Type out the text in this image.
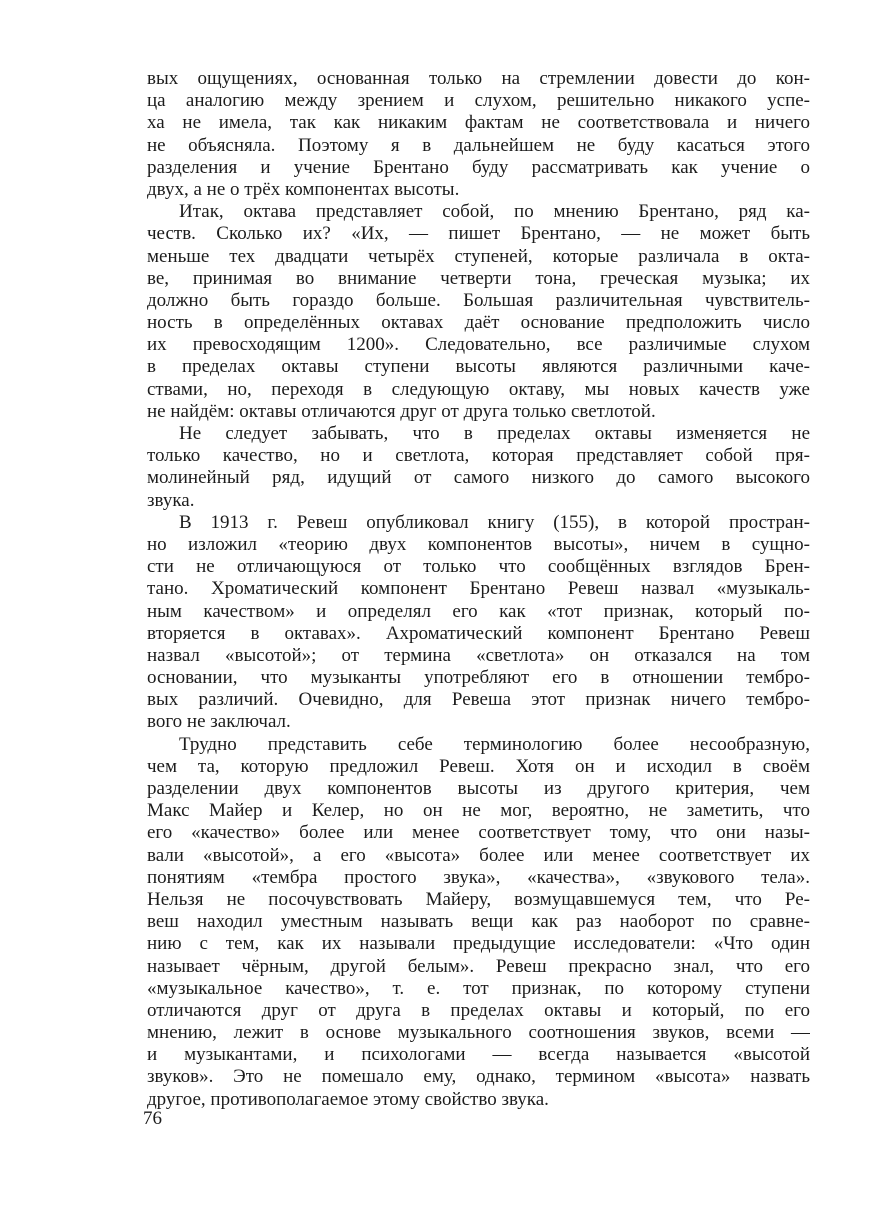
вых ощущениях, основанная только на стремлении довести до кон-
ца аналогию между зрением и слухом, решительно никакого успе-
ха не имела, так как никаким фактам не соответствовала и ничего
не объясняла. Поэтому я в дальнейшем не буду касаться этого
разделения и учение Брентано буду рассматривать как учение о
двух, а не о трёх компонентах высоты.
Итак, октава представляет собой, по мнению Брентано, ряд ка-
честв. Сколько их? «Их, — пишет Брентано, — не может быть
меньше тех двадцати четырёх ступеней, которые различала в окта-
ве, принимая во внимание четверти тона, греческая музыка; их
должно быть гораздо больше. Большая различительная чувствитель-
ность в определённых октавах даёт основание предположить число
их превосходящим 1200». Следовательно, все различимые слухом
в пределах октавы ступени высоты являются различными каче-
ствами, но, переходя в следующую октаву, мы новых качеств уже
не найдём: октавы отличаются друг от друга только светлотой.
Не следует забывать, что в пределах октавы изменяется не
только качество, но и светлота, которая представляет собой пря-
молинейный ряд, идущий от самого низкого до самого высокого
звука.
В 1913 г. Ревеш опубликовал книгу (155), в которой простран-
но изложил «теорию двух компонентов высоты», ничем в сущно-
сти не отличающуюся от только что сообщённых взглядов Брен-
тано. Хроматический компонент Брентано Ревеш назвал «музыкаль-
ным качеством» и определял его как «тот признак, который по-
вторяется в октавах». Ахроматический компонент Брентано Ревеш
назвал «высотой»; от термина «светлота» он отказался на том
основании, что музыканты употребляют его в отношении тембро-
вых различий. Очевидно, для Ревеша этот признак ничего тембро-
вого не заключал.
Трудно представить себе терминологию более несообразную,
чем та, которую предложил Ревеш. Хотя он и исходил в своём
разделении двух компонентов высоты из другого критерия, чем
Макс Майер и Келер, но он не мог, вероятно, не заметить, что
его «качество» более или менее соответствует тому, что они назы-
вали «высотой», а его «высота» более или менее соответствует их
понятиям «тембра простого звука», «качества», «звукового тела».
Нельзя не посочувствовать Майеру, возмущавшемуся тем, что Ре-
веш находил уместным называть вещи как раз наоборот по сравне-
нию с тем, как их называли предыдущие исследователи: «Что один
называет чёрным, другой белым». Ревеш прекрасно знал, что его
«музыкальное качество», т. е. тот признак, по которому ступени
отличаются друг от друга в пределах октавы и который, по его
мнению, лежит в основе музыкального соотношения звуков, всеми —
и музыкантами, и психологами — всегда называется «высотой
звуков». Это не помешало ему, однако, термином «высота» назвать
другое, противополагаемое этому свойство звука.
76
